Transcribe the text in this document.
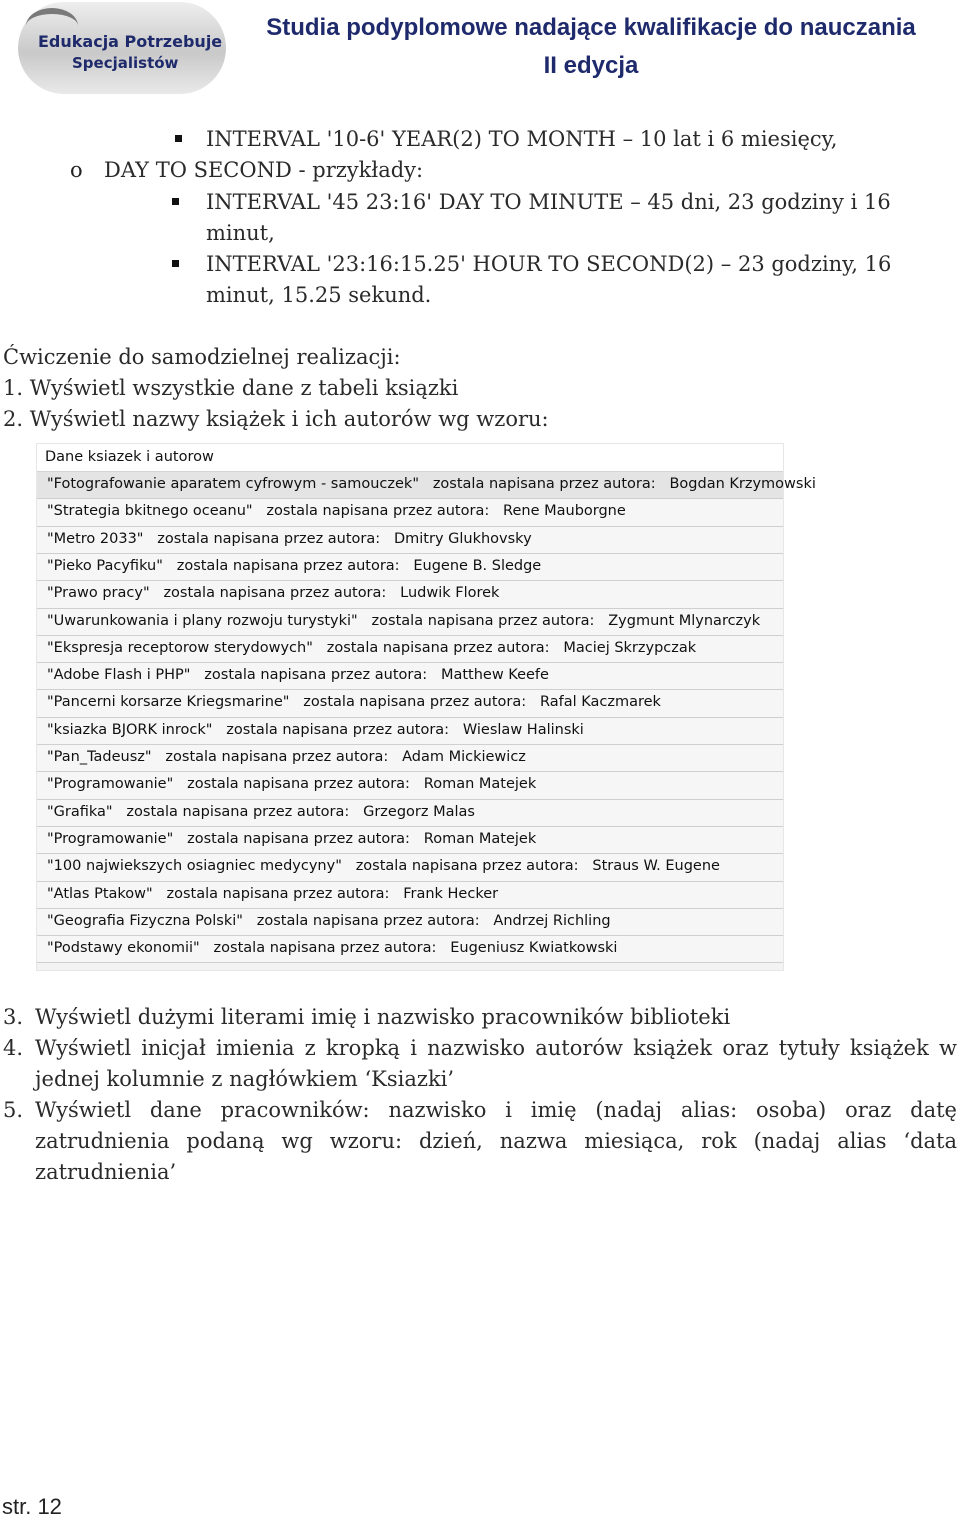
Edukacja Potrzebuje
Specjalistów
Studia podyplomowe nadające kwalifikacje do nauczania
II edycja
INTERVAL '10-6' YEAR(2) TO MONTH – 10 lat i 6 miesięcy,
o DAY TO SECOND - przykłady:
INTERVAL '45 23:16' DAY TO MINUTE – 45 dni, 23 godziny i 16
minut,
INTERVAL '23:16:15.25' HOUR TO SECOND(2) – 23 godziny, 16
minut, 15.25 sekund.
Ćwiczenie do samodzielnej realizacji:
1. Wyświetl wszystkie dane z tabeli ksiązki
2. Wyświetl nazwy książek i ich autorów wg wzoru:
Dane ksiazek i autorow
"Fotografowanie aparatem cyfrowym - samouczek"   zostala napisana przez autora:   Bogdan Krzymowski
"Strategia bkitnego oceanu"   zostala napisana przez autora:   Rene Mauborgne
"Metro 2033"   zostala napisana przez autora:   Dmitry Glukhovsky
"Pieko Pacyfiku"   zostala napisana przez autora:   Eugene B. Sledge
"Prawo pracy"   zostala napisana przez autora:   Ludwik Florek
"Uwarunkowania i plany rozwoju turystyki"   zostala napisana przez autora:   Zygmunt Mlynarczyk
"Ekspresja receptorow sterydowych"   zostala napisana przez autora:   Maciej Skrzypczak
"Adobe Flash i PHP"   zostala napisana przez autora:   Matthew Keefe
"Pancerni korsarze Kriegsmarine"   zostala napisana przez autora:   Rafal Kaczmarek
"ksiazka BJORK inrock"   zostala napisana przez autora:   Wieslaw Halinski
"Pan_Tadeusz"   zostala napisana przez autora:   Adam Mickiewicz
"Programowanie"   zostala napisana przez autora:   Roman Matejek
"Grafika"   zostala napisana przez autora:   Grzegorz Malas
"Programowanie"   zostala napisana przez autora:   Roman Matejek
"100 najwiekszych osiagniec medycyny"   zostala napisana przez autora:   Straus W. Eugene
"Atlas Ptakow"   zostala napisana przez autora:   Frank Hecker
"Geografia Fizyczna Polski"   zostala napisana przez autora:   Andrzej Richling
"Podstawy ekonomii"   zostala napisana przez autora:   Eugeniusz Kwiatkowski
3. Wyświetl dużymi literami imię i nazwisko pracowników biblioteki
4. Wyświetl inicjał imienia z kropką i nazwisko autorów książek oraz tytuły książek w jednej kolumnie z nagłówkiem ‘Ksiazki’
5. Wyświetl dane pracowników: nazwisko i imię (nadaj alias: osoba) oraz datę zatrudnienia podaną wg wzoru: dzień, nazwa miesiąca, rok (nadaj alias ‘data zatrudnienia’
str. 12
